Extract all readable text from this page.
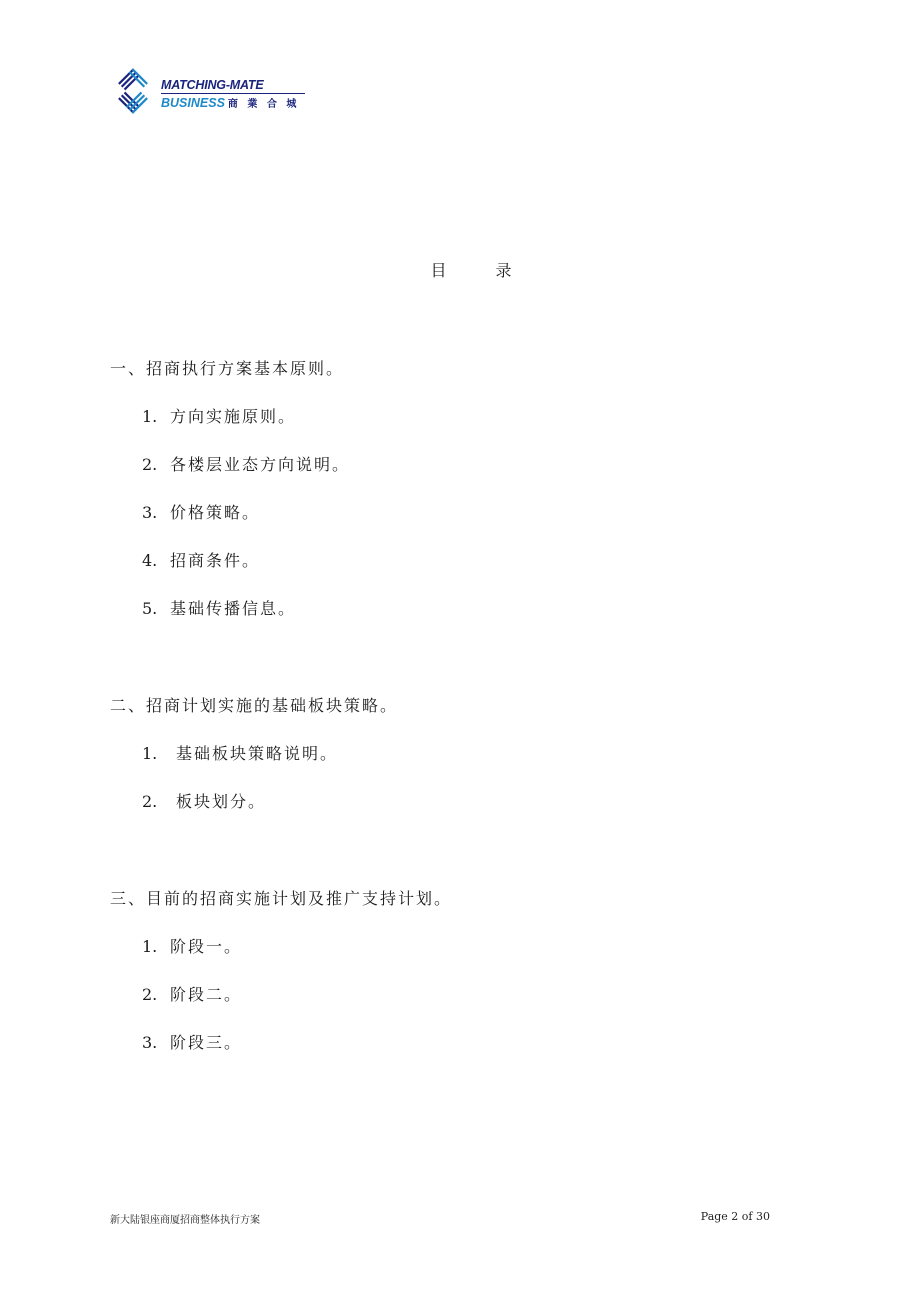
MATCHING-MATE
BUSINESS 商 業 合 城
目 录
一、招商执行方案基本原则。
1. 方向实施原则。
2. 各楼层业态方向说明。
3. 价格策略。
4. 招商条件。
5. 基础传播信息。
二、招商计划实施的基础板块策略。
1. 基础板块策略说明。
2. 板块划分。
三、目前的招商实施计划及推广支持计划。
1. 阶段一。
2. 阶段二。
3. 阶段三。
新大陆银座商厦招商整体执行方案	Page 2 of 30
